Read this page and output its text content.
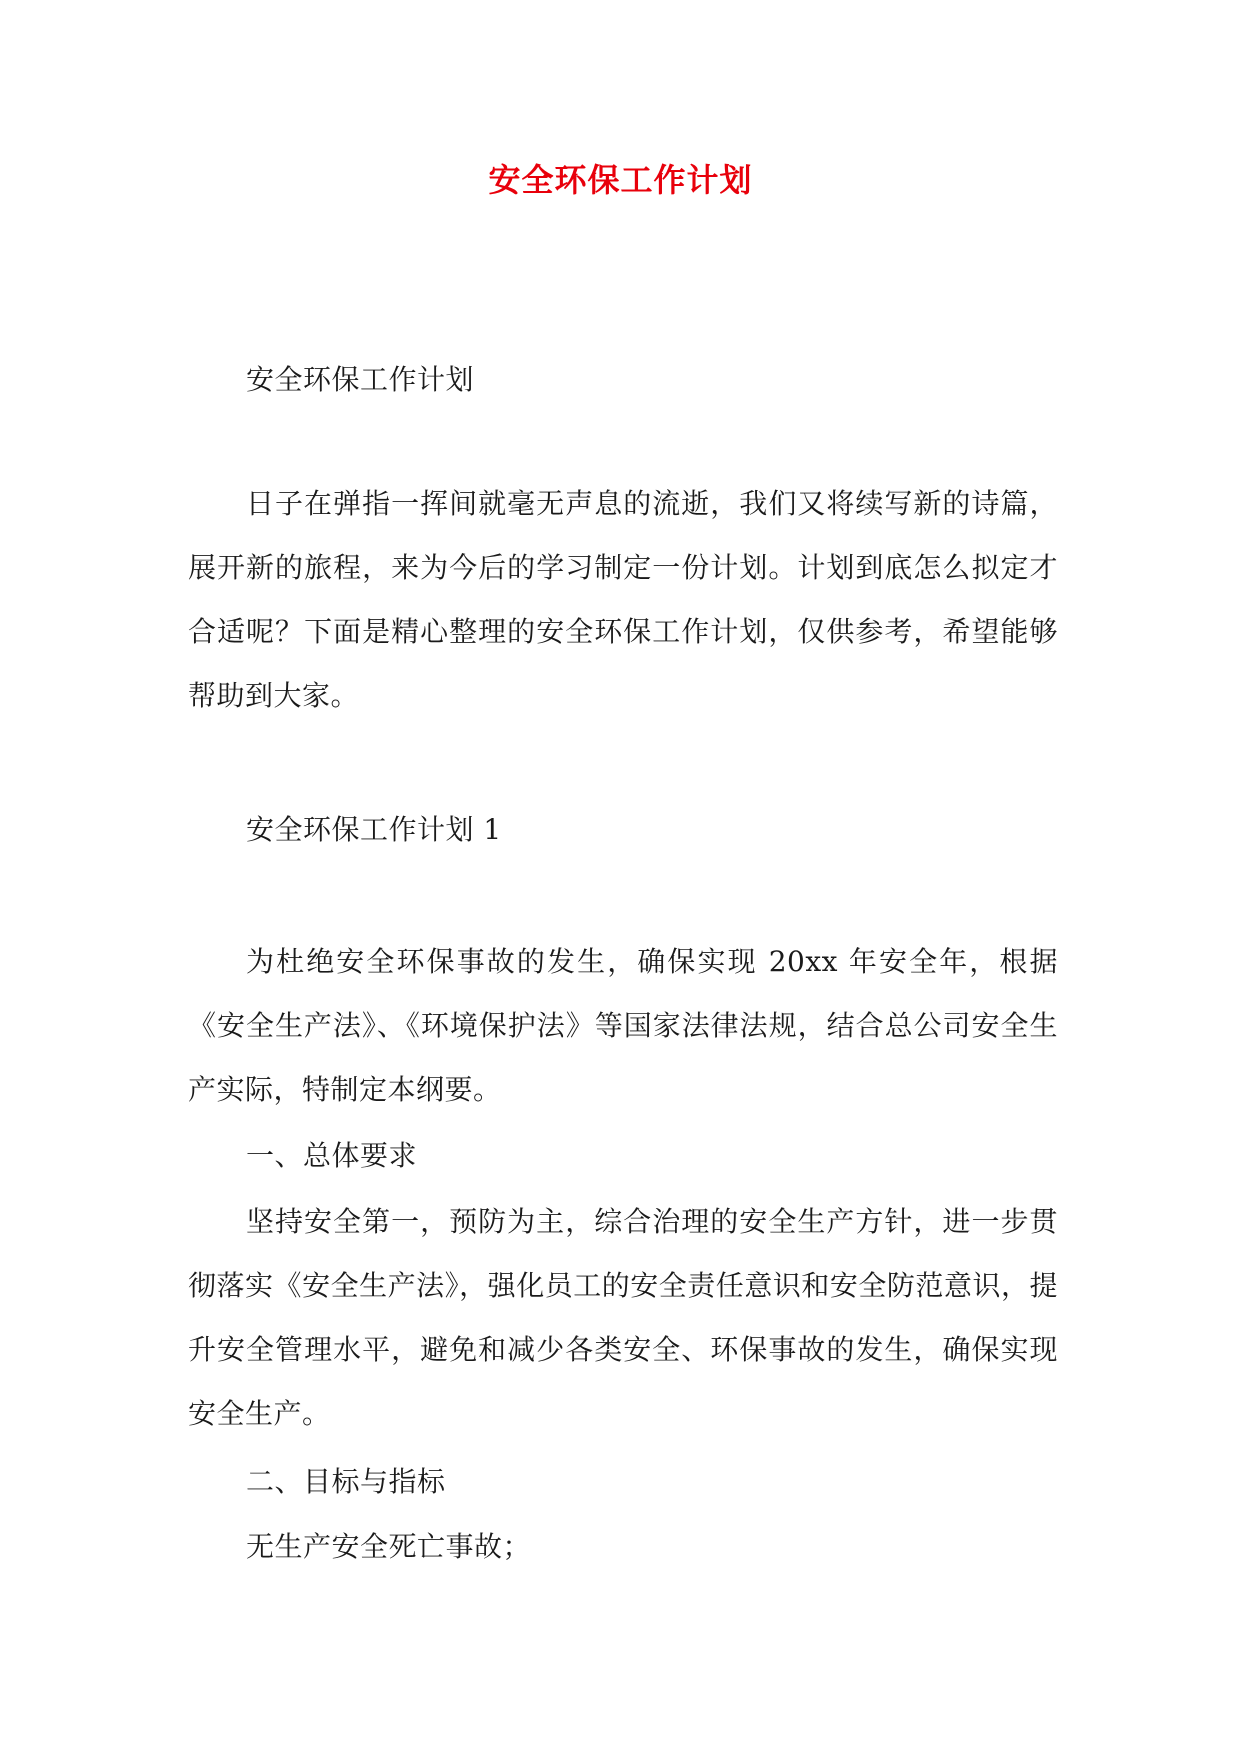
安全环保工作计划

安全环保工作计划

日子在弹指一挥间就毫无声息的流逝，我们又将续写新的诗篇，展开新的旅程，来为今后的学习制定一份计划。计划到底怎么拟定才合适呢？下面是精心整理的安全环保工作计划，仅供参考，希望能够帮助到大家。

安全环保工作计划 1

为杜绝安全环保事故的发生，确保实现 20xx 年安全年，根据《安全生产法》、《环境保护法》等国家法律法规，结合总公司安全生产实际，特制定本纲要。

一、总体要求

坚持安全第一，预防为主，综合治理的安全生产方针，进一步贯彻落实《安全生产法》，强化员工的安全责任意识和安全防范意识，提升安全管理水平，避免和减少各类安全、环保事故的发生，确保实现安全生产。

二、目标与指标

无生产安全死亡事故；
